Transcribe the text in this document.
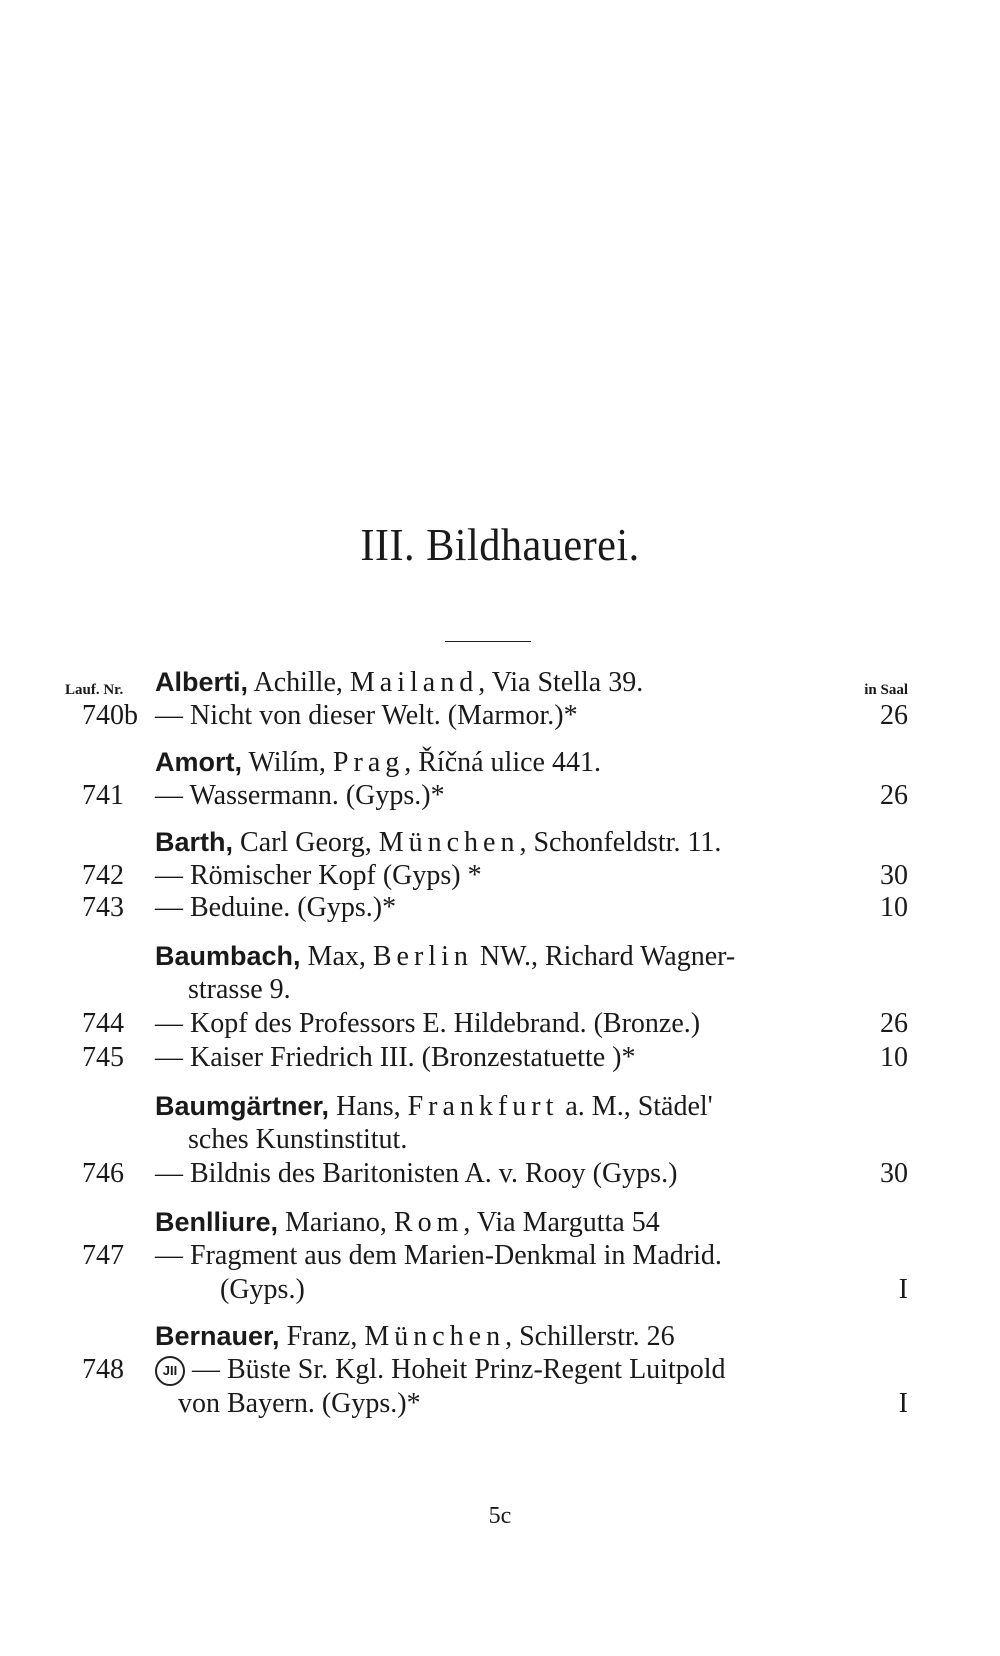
III. Bildhauerei.
Lauf. Nr.	in Saal
Alberti, Achille, Mailand, Via Stella 39.
740b — Nicht von dieser Welt. (Marmor.)*	26
Amort, Wilím, Prag, Říčná ulice 441.
741 — Wassermann. (Gyps.)*	26
Barth, Carl Georg, München, Schonfeldstr. 11.
742 — Römischer Kopf (Gyps) *	30
743 — Beduine. (Gyps.)*	10
Baumbach, Max, Berlin NW., Richard Wagner-
strasse 9.
744 — Kopf des Professors E. Hildebrand. (Bronze.)	26
745 — Kaiser Friedrich III. (Bronzestatuette )*	10
Baumgärtner, Hans, Frankfurt a. M., Städel'
sches Kunstinstitut.
746 — Bildnis des Baritonisten A. v. Rooy (Gyps.)	30
Benlliure, Mariano, Rom, Via Margutta 54
747 — Fragment aus dem Marien-Denkmal in Madrid.
(Gyps.)	I
Bernauer, Franz, München, Schillerstr. 26
748	JII — Büste Sr. Kgl. Hoheit Prinz-Regent Luitpold
von Bayern. (Gyps.)*	I
5c
